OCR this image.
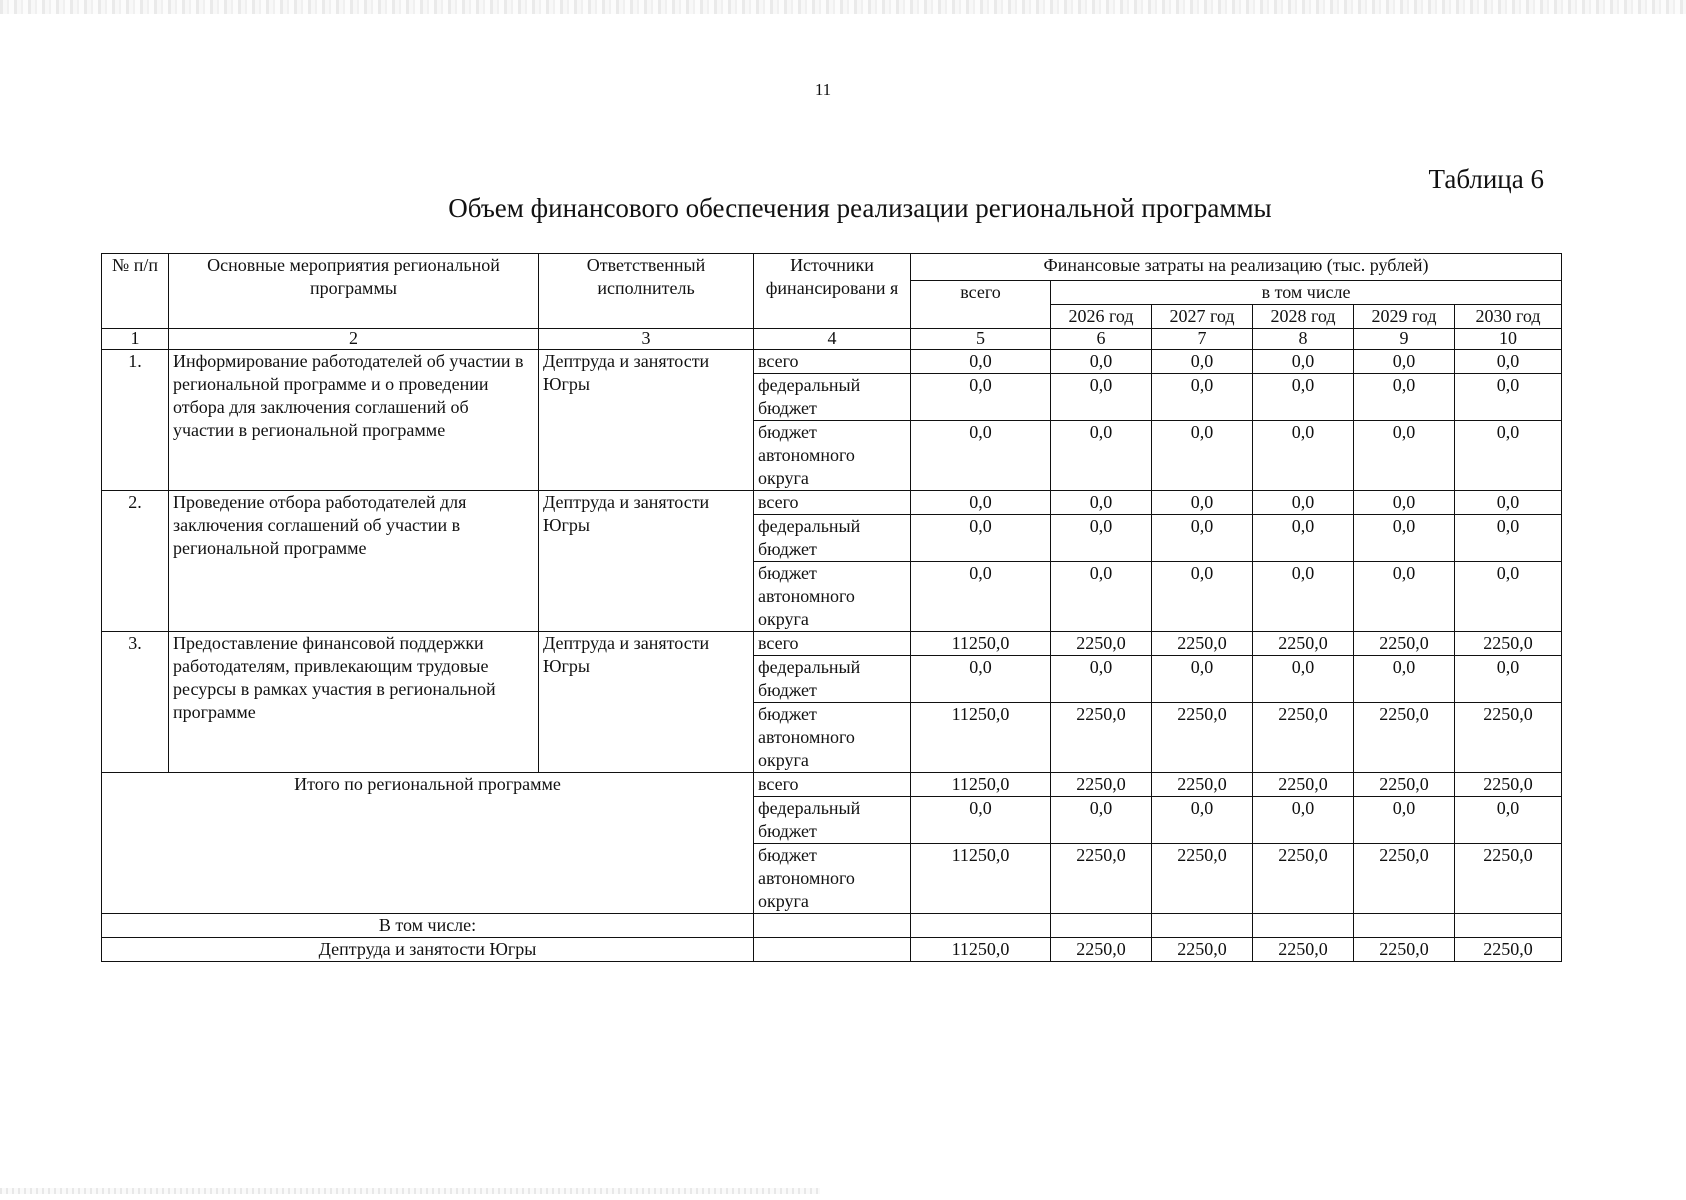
11
Таблица 6
Объем финансового обеспечения реализации региональной программы
№ п/п	Основные мероприятия региональной программы	Ответственный исполнитель	Источники финансировани я	Финансовые затраты на реализацию (тыс. рублей)					
				всего	в том числе				
					2026 год	2027 год	2028 год	2029 год	2030 год
1	2	3	4	5	6	7	8	9	10
1.	Информирование работодателей об участии в региональной программе и о проведении отбора для заключения соглашений об участии в региональной программе	Дептруда и занятости Югры	всего	0,0	0,0	0,0	0,0	0,0	0,0
			федеральный бюджет	0,0	0,0	0,0	0,0	0,0	0,0
			бюджет автономного округа	0,0	0,0	0,0	0,0	0,0	0,0
2.	Проведение отбора работодателей для заключения соглашений об участии в региональной программе	Дептруда и занятости Югры	всего	0,0	0,0	0,0	0,0	0,0	0,0
			федеральный бюджет	0,0	0,0	0,0	0,0	0,0	0,0
			бюджет автономного округа	0,0	0,0	0,0	0,0	0,0	0,0
3.	Предоставление финансовой поддержки работодателям, привлекающим трудовые ресурсы в рамках участия в региональной программе	Дептруда и занятости Югры	всего	11250,0	2250,0	2250,0	2250,0	2250,0	2250,0
			федеральный бюджет	0,0	0,0	0,0	0,0	0,0	0,0
			бюджет автономного округа	11250,0	2250,0	2250,0	2250,0	2250,0	2250,0
Итого по региональной программе			всего	11250,0	2250,0	2250,0	2250,0	2250,0	2250,0
			федеральный бюджет	0,0	0,0	0,0	0,0	0,0	0,0
			бюджет автономного округа	11250,0	2250,0	2250,0	2250,0	2250,0	2250,0
В том числе:									
Дептруда и занятости Югры				11250,0	2250,0	2250,0	2250,0	2250,0	2250,0
